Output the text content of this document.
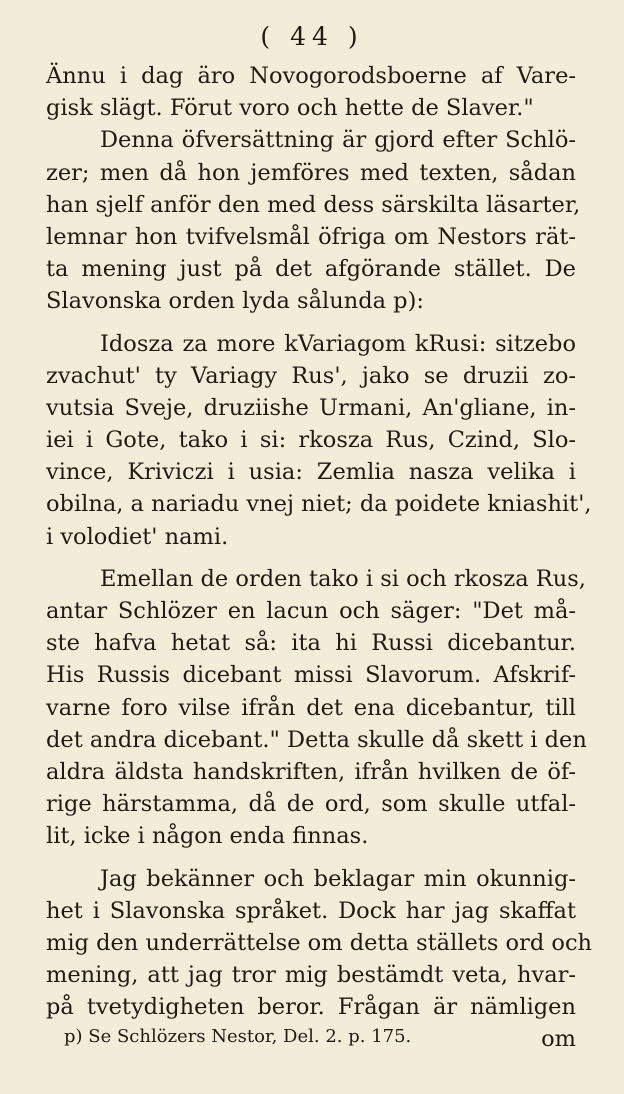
( 44 )
Ännu i dag äro Novogorodsboerne af Vare-
gisk slägt. Förut voro och hette de Slaver."
Denna öfversättning är gjord efter Schlö-
zer; men då hon jemföres med texten, sådan
han sjelf anför den med dess särskilta läsarter,
lemnar hon tvifvelsmål öfriga om Nestors rät-
ta mening just på det afgörande stället. De
Slavonska orden lyda sålunda p):
Idosza za more kVariagom kRusi: sitzebo
zvachut' ty Variagy Rus', jako se druzii zo-
vutsia Sveje, druziishe Urmani, An'gliane, in-
iei i Gote, tako i si: rkosza Rus, Czind, Slo-
vince, Kriviczi i usia: Zemlia nasza velika i
obilna, a nariadu vnej niet; da poidete kniashit',
i volodiet' nami.
Emellan de orden tako i si och rkosza Rus,
antar Schlözer en lacun och säger: "Det må-
ste hafva hetat så: ita hi Russi dicebantur.
His Russis dicebant missi Slavorum. Afskrif-
varne foro vilse ifrån det ena dicebantur, till
det andra dicebant." Detta skulle då skett i den
aldra äldsta handskriften, ifrån hvilken de öf-
rige härstamma, då de ord, som skulle utfal-
lit, icke i någon enda finnas.
Jag bekänner och beklagar min okunnig-
het i Slavonska språket. Dock har jag skaffat
mig den underrättelse om detta ställets ord och
mening, att jag tror mig bestämdt veta, hvar-
på tvetydigheten beror. Frågan är nämligen
om
p) Se Schlözers Nestor, Del. 2. p. 175.
